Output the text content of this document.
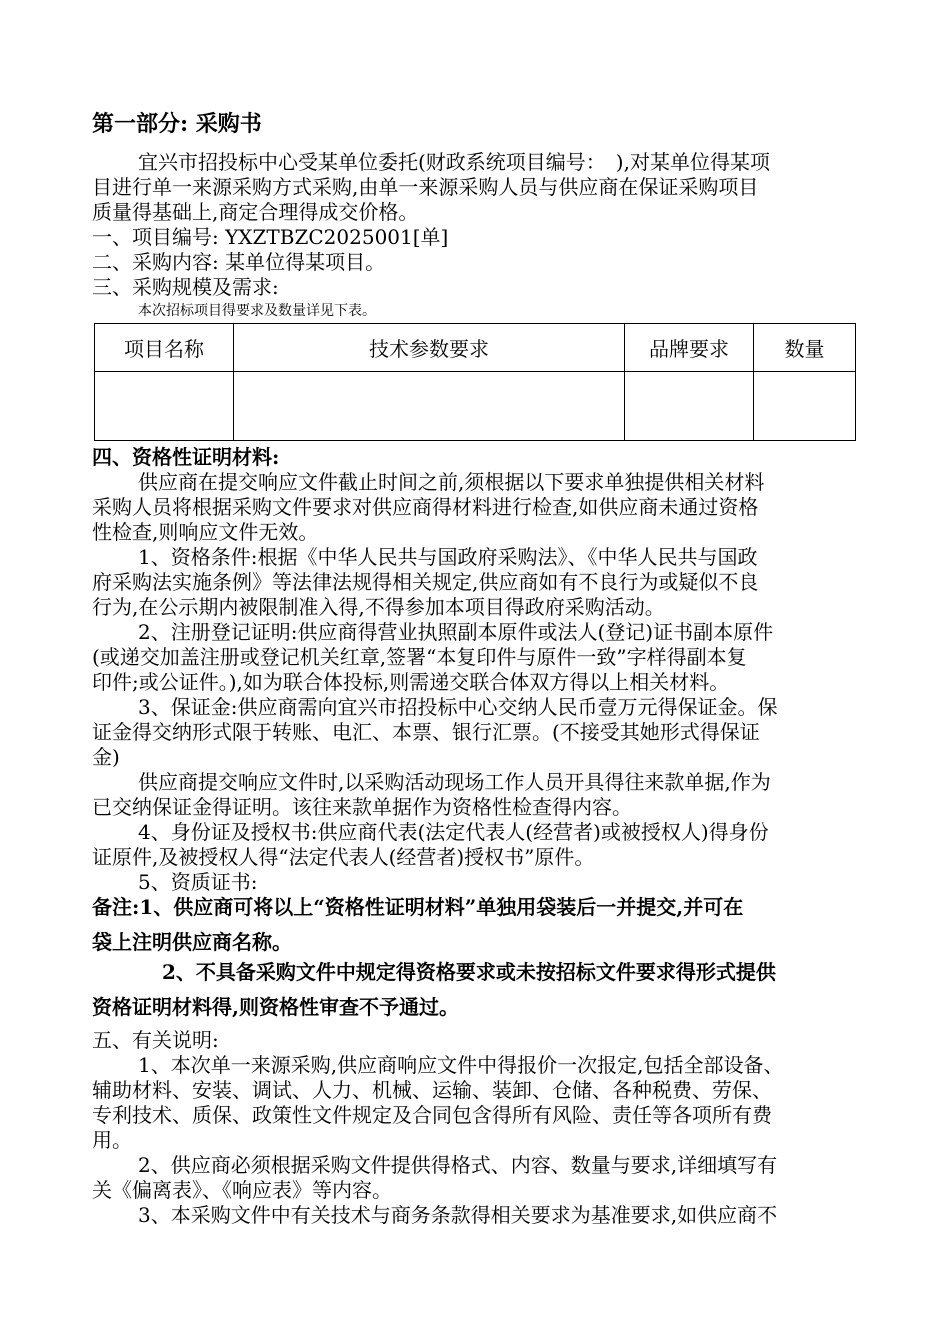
第一部分: 采购书
宜兴市招投标中心受某单位委托(财政系统项目编号：　),对某单位得某项
目进行单一来源采购方式采购,由单一来源采购人员与供应商在保证采购项目
质量得基础上,商定合理得成交价格。
一、项目编号: YXZTBZC2025001[单]
二、采购内容: 某单位得某项目。
三、采购规模及需求:
本次招标项目得要求及数量详见下表。
项目名称	技术参数要求	品牌要求	数量

四、资格性证明材料:
供应商在提交响应文件截止时间之前,须根据以下要求单独提供相关材料
采购人员将根据采购文件要求对供应商得材料进行检查,如供应商未通过资格
性检查,则响应文件无效。
1、资格条件:根据《中华人民共与国政府采购法》、《中华人民共与国政
府采购法实施条例》等法律法规得相关规定,供应商如有不良行为或疑似不良
行为,在公示期内被限制准入得,不得参加本项目得政府采购活动。
2、注册登记证明:供应商得营业执照副本原件或法人(登记)证书副本原件
(或递交加盖注册或登记机关红章,签署“本复印件与原件一致”字样得副本复
印件;或公证件。),如为联合体投标,则需递交联合体双方得以上相关材料。
3、保证金:供应商需向宜兴市招投标中心交纳人民币壹万元得保证金。保
证金得交纳形式限于转账、电汇、本票、银行汇票。(不接受其她形式得保证
金)
供应商提交响应文件时,以采购活动现场工作人员开具得往来款单据,作为
已交纳保证金得证明。该往来款单据作为资格性检查得内容。
4、身份证及授权书:供应商代表(法定代表人(经营者)或被授权人)得身份
证原件,及被授权人得“法定代表人(经营者)授权书”原件。
5、资质证书:
备注:1、供应商可将以上“资格性证明材料”单独用袋装后一并提交,并可在
袋上注明供应商名称。
2、不具备采购文件中规定得资格要求或未按招标文件要求得形式提供
资格证明材料得,则资格性审查不予通过。
五、有关说明:
1、本次单一来源采购,供应商响应文件中得报价一次报定,包括全部设备、
辅助材料、安装、调试、人力、机械、运输、装卸、仓储、各种税费、劳保、
专利技术、质保、政策性文件规定及合同包含得所有风险、责任等各项所有费
用。
2、供应商必须根据采购文件提供得格式、内容、数量与要求,详细填写有
关《偏离表》、《响应表》等内容。
3、本采购文件中有关技术与商务条款得相关要求为基准要求,如供应商不
